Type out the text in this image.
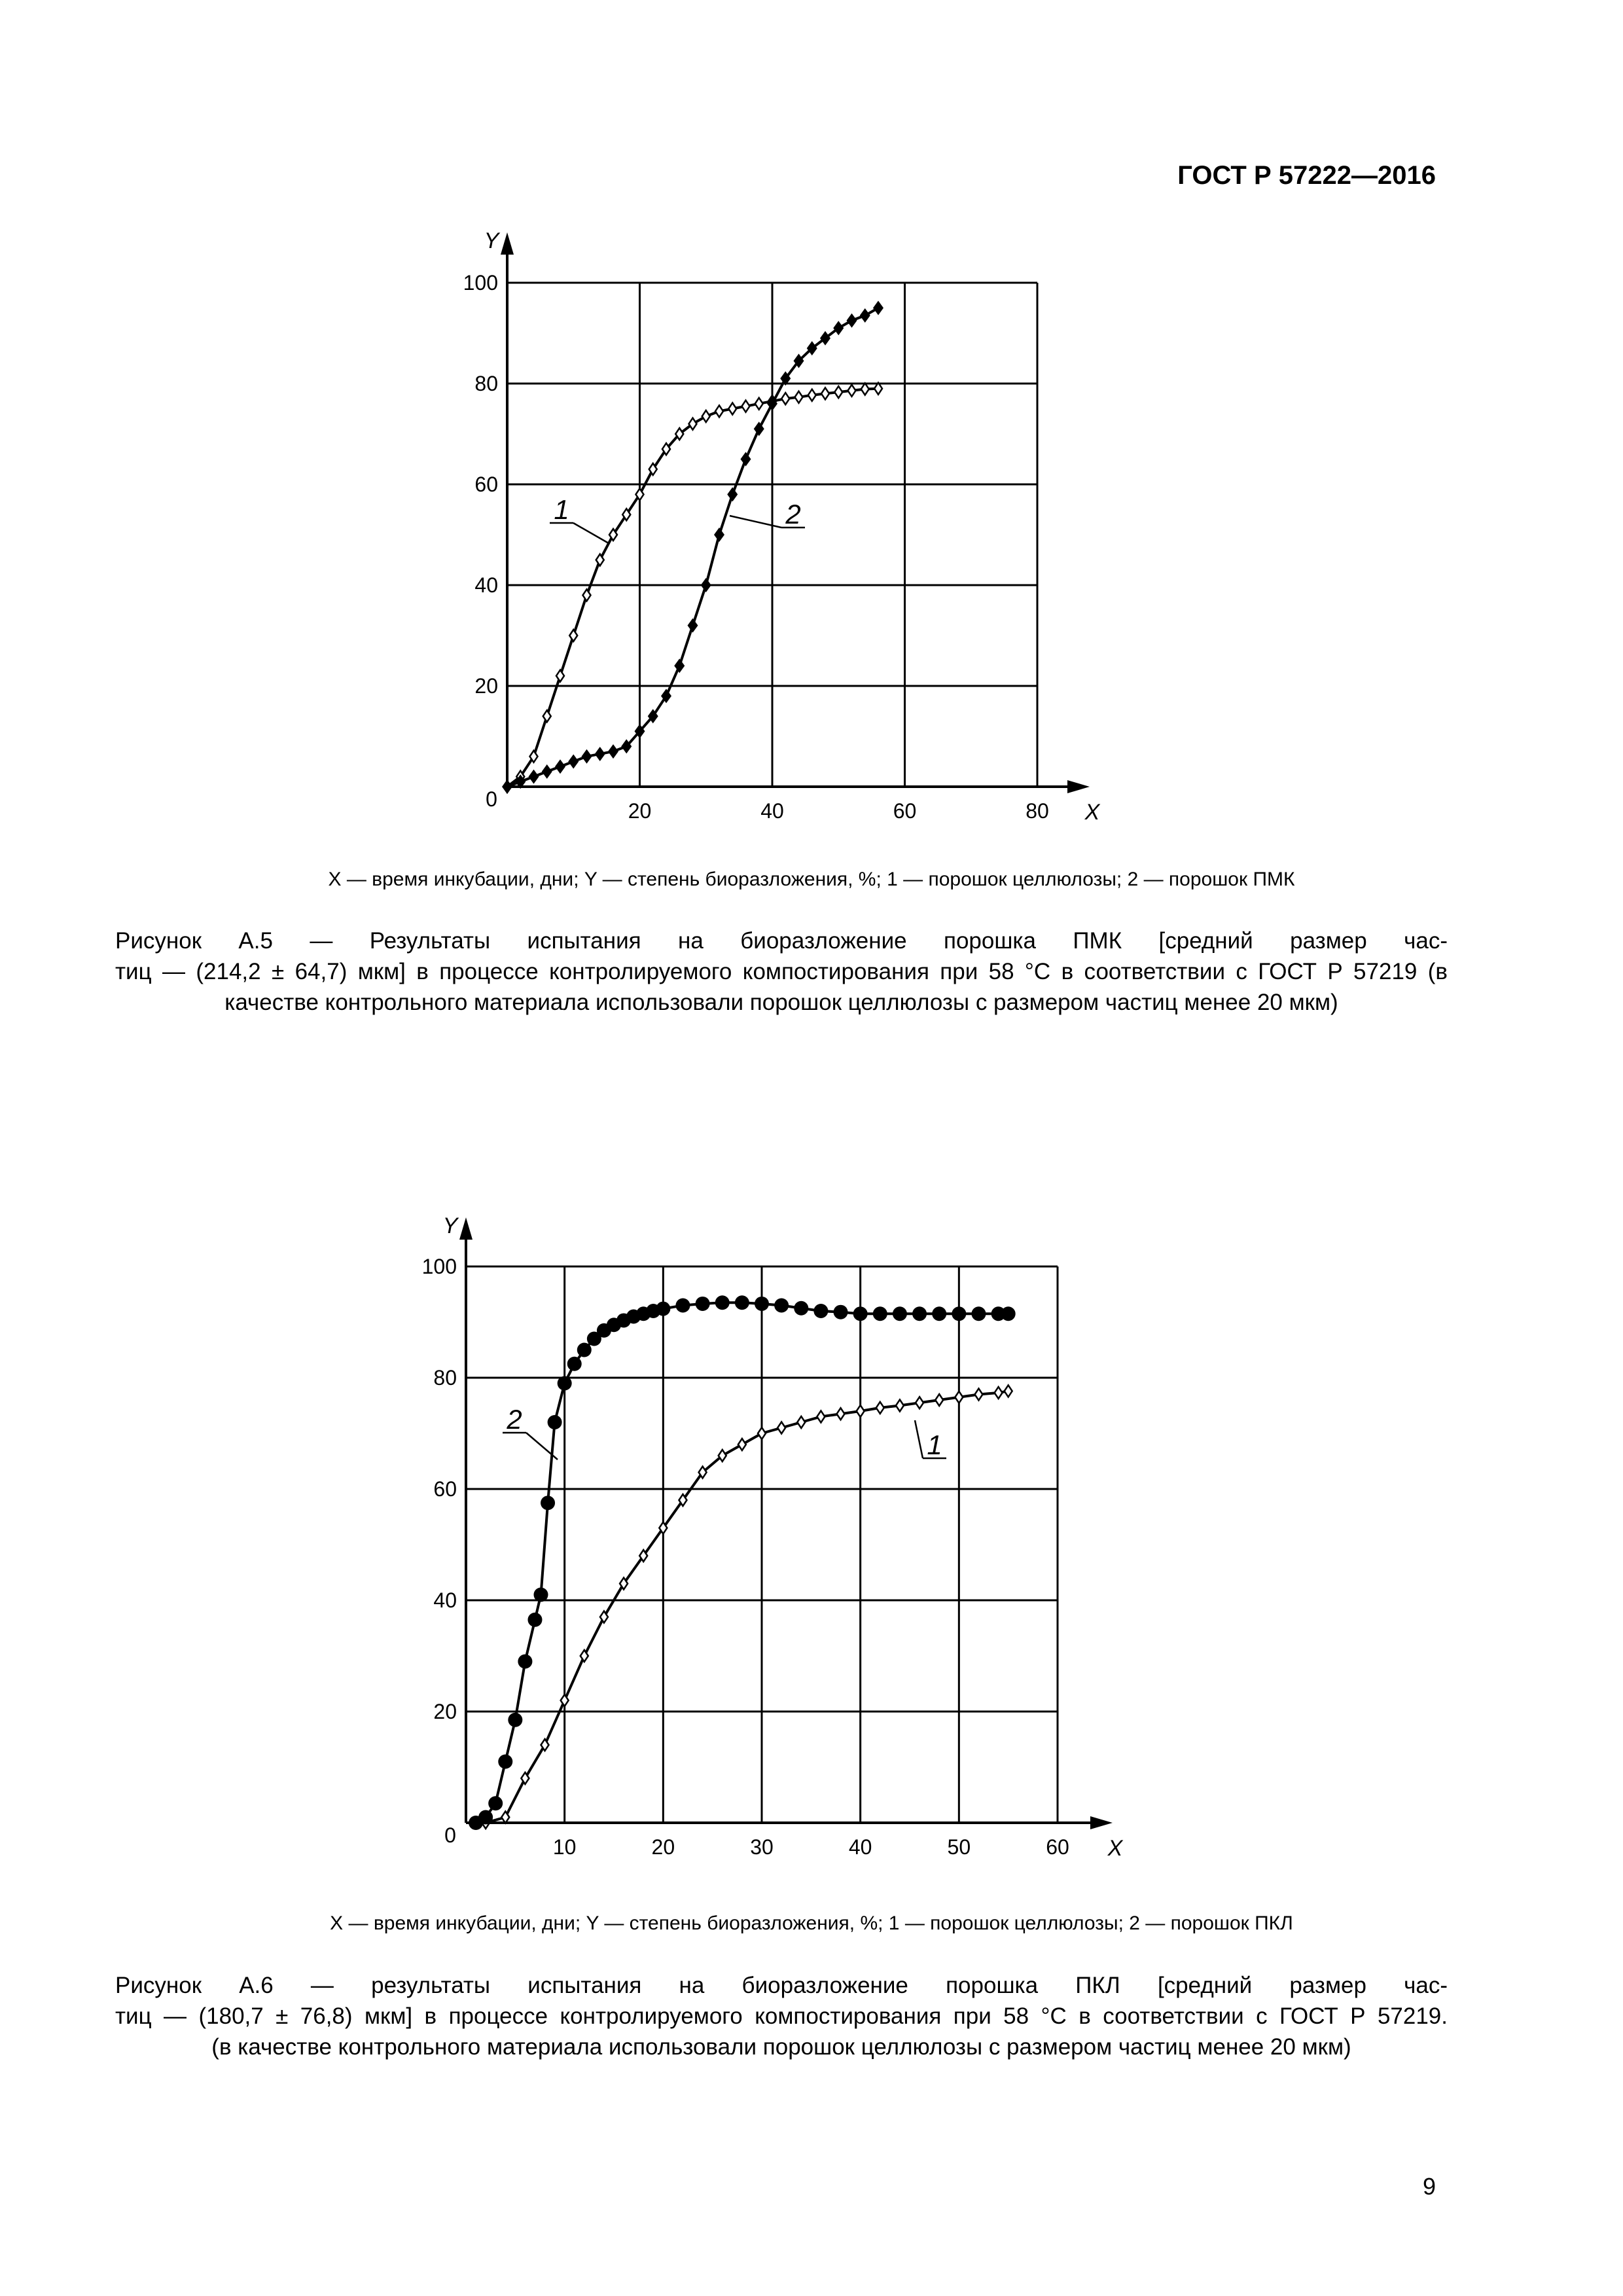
ГОСТ Р 57222—2016
20	40	60	80
20
40
60
80
100
0
X
Y
1	2
X — время инкубации, дни; Y — степень биоразложения, %; 1 — порошок целлюлозы; 2 — порошок ПМК

Рисунок А.5 — Результаты испытания на биоразложение порошка ПМК [средний размер час-

тиц — (214,2 ± 64,7) мкм] в процессе контролируемого компостирования при 58 °С в соответствии с ГОСТ Р 57219 (в

качестве контрольного материала использовали порошок целлюлозы с размером частиц менее 20 мкм)

10	20	30	40	50	60
20
40
60
80
100
0
X
Y
1
2
X — время инкубации, дни; Y — степень биоразложения, %; 1 — порошок целлюлозы; 2 — порошок ПКЛ

Рисунок А.6 — результаты испытания на биоразложение порошка ПКЛ [средний размер час-

тиц — (180,7 ± 76,8) мкм] в процессе контролируемого компостирования при 58 °С в соответствии с ГОСТ Р 57219.

(в качестве контрольного материала использовали порошок целлюлозы с размером частиц менее 20 мкм)

9
